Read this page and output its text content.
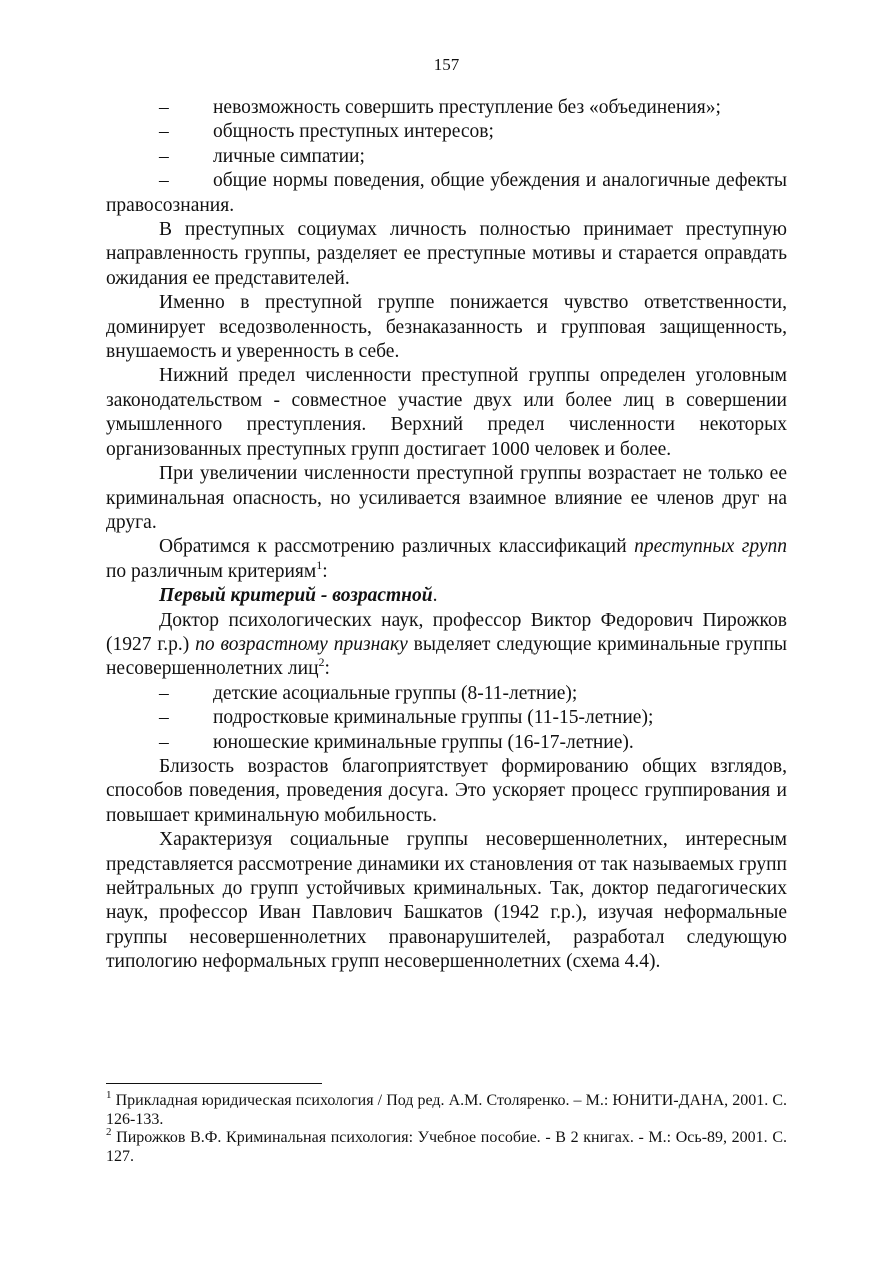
157

– невозможность совершить преступление без «объединения»;

– общность преступных интересов;

– личные симпатии;

– общие нормы поведения, общие убеждения и аналогичные дефекты правосознания.

В преступных социумах личность полностью принимает преступную направленность группы, разделяет ее преступные мотивы и старается оправдать ожидания ее представителей.

Именно в преступной группе понижается чувство ответственности, доминирует вседозволенность, безнаказанность и групповая защищенность, внушаемость и уверенность в себе.

Нижний предел численности преступной группы определен уголовным законодательством - совместное участие двух или более лиц в совершении умышленного преступления. Верхний предел численности некоторых организованных преступных групп достигает 1000 человек и более.

При увеличении численности преступной группы возрастает не только ее криминальная опасность, но усиливается взаимное влияние ее членов друг на друга.

Обратимся к рассмотрению различных классификаций преступных групп по различным критериям$^1$:

Первый критерий - возрастной.

Доктор психологических наук, профессор Виктор Федорович Пирожков (1927 г.р.) по возрастному признаку выделяет следующие криминальные группы несовершеннолетних лиц$^2$:

– детские асоциальные группы (8-11-летние);

– подростковые криминальные группы (11-15-летние);

– юношеские криминальные группы (16-17-летние).

Близость возрастов благоприятствует формированию общих взглядов, способов поведения, проведения досуга. Это ускоряет процесс группирования и повышает криминальную мобильность.

Характеризуя социальные группы несовершеннолетних, интересным представляется рассмотрение динамики их становления от так называемых групп нейтральных до групп устойчивых криминальных. Так, доктор педагогических наук, профессор Иван Павлович Башкатов (1942 г.р.), изучая неформальные группы несовершеннолетних правонарушителей, разработал следующую типологию неформальных групп несовершеннолетних (схема 4.4).

$^1$ Прикладная юридическая психология / Под ред. А.М. Столяренко. – М.: ЮНИТИ-ДАНА, 2001. С. 126-133.

$^2$ Пирожков В.Ф. Криминальная психология: Учебное пособие. - В 2 книгах. - М.: Ось-89, 2001. С. 127.
